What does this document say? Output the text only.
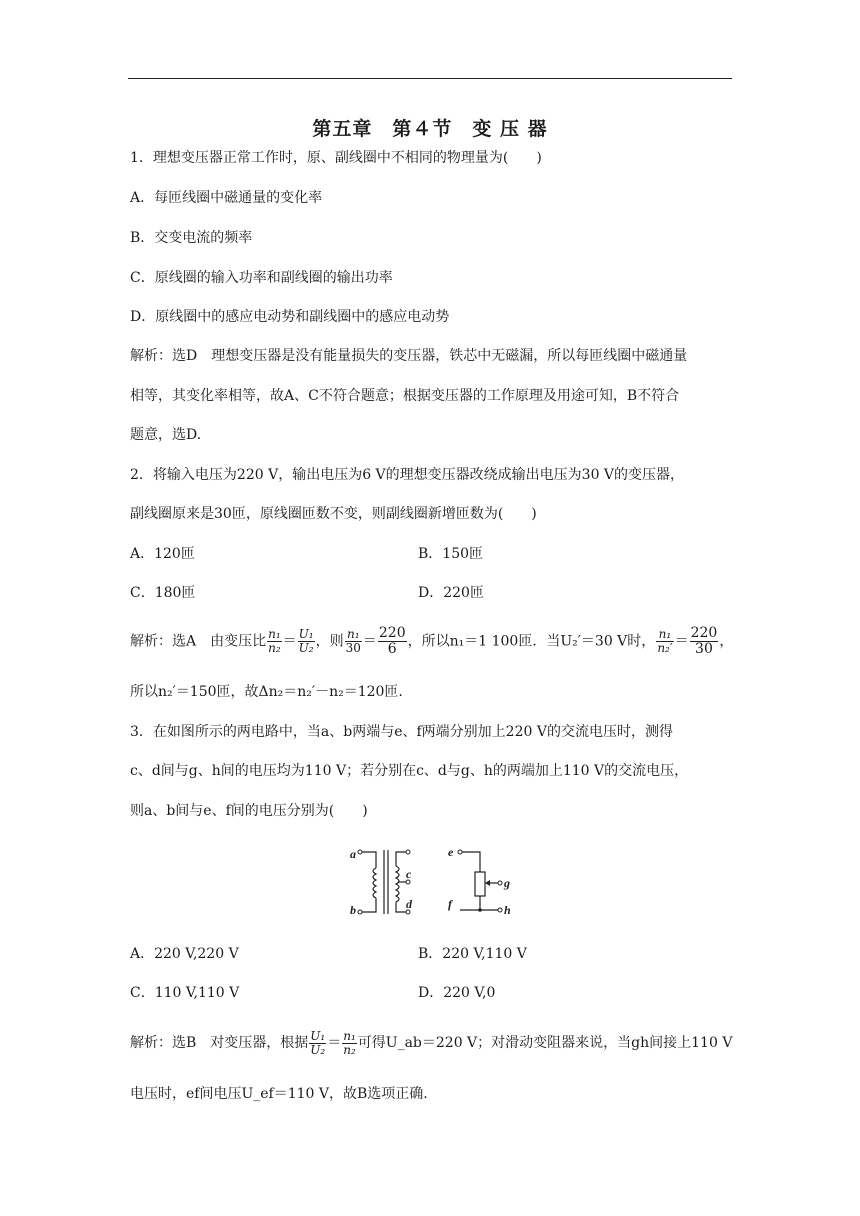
第五章　第４节　变 压 器
1．理想变压器正常工作时，原、副线圈中不相同的物理量为(　　)
A．每匝线圈中磁通量的变化率
B．交变电流的频率
C．原线圈的输入功率和副线圈的输出功率
D．原线圈中的感应电动势和副线圈中的感应电动势
解析：选D　理想变压器是没有能量损失的变压器，铁芯中无磁漏，所以每匝线圈中磁通量
相等，其变化率相等，故A、C不符合题意；根据变压器的工作原理及用途可知，B不符合
题意，选D.
2．将输入电压为220 V，输出电压为6 V的理想变压器改绕成输出电压为30 V的变压器，
副线圈原来是30匝，原线圈匝数不变，则副线圈新增匝数为(　　)
A．120匝	B．150匝
C．180匝	D．220匝
解析：选A　由变压比 $\frac{\text{n₁}}{\text{n₂}} = \frac{\text{U₁}}{\text{U₂}}$ ，则 $\frac{\text{n₁}}{30} = \frac{220}{6}$ ，所以n₁＝1 100匝．当U₂′＝30 V时， $\frac{\text{n₁}}{\text{n₂′}} = \frac{220}{30}$ ，
所以n₂′＝150匝，故Δn₂＝n₂′－n₂＝120匝.
3．在如图所示的两电路中，当a、b两端与e、f两端分别加上220 V的交流电压时，测得
c、d间与g、h间的电压均为110 V；若分别在c、d与g、h的两端加上110 V的交流电压，
则a、b间与e、f间的电压分别为(　　)
a
b
c
d
e
f
g
h
A．220 V,220 V	B．220 V,110 V
C．110 V,110 V	D．220 V,0
解析：选B　对变压器，根据 $\frac{\text{U₁}}{\text{U₂}} = \frac{\text{n₁}}{\text{n₂}}$ 可得U_ab＝220 V；对滑动变阻器来说，当gh间接上110 V
电压时，ef间电压U_ef＝110 V，故B选项正确.
